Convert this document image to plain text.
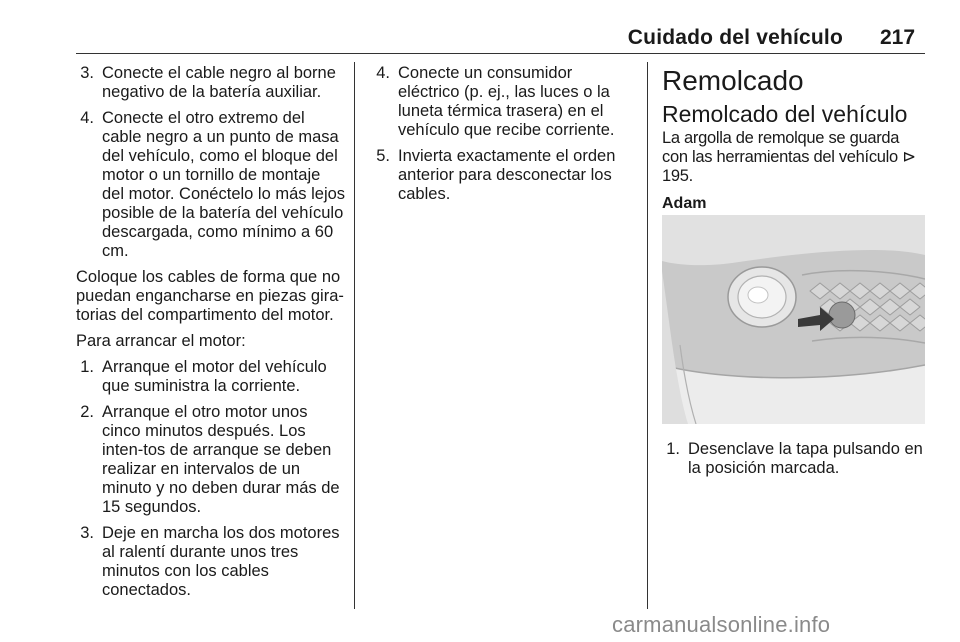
Cuidado del vehículo 217
3. Conecte el cable negro al borne negativo de la batería auxiliar.
4. Conecte el otro extremo del cable negro a un punto de masa del vehículo, como el bloque del motor o un tornillo de montaje del motor. Conéctelo lo más lejos posible de la batería del vehículo descargada, como mínimo a 60 cm.

Coloque los cables de forma que no puedan engancharse en piezas gira-torias del compartimento del motor.

Para arrancar el motor:

1. Arranque el motor del vehículo que suministra la corriente.
2. Arranque el otro motor unos cinco minutos después. Los inten-tos de arranque se deben realizar en intervalos de un minuto y no deben durar más de 15 segundos.
3. Deje en marcha los dos motores al ralentí durante unos tres minutos con los cables conectados.
4. Conecte un consumidor eléctrico (p. ej., las luces o la luneta térmica trasera) en el vehículo que recibe corriente.
5. Invierta exactamente el orden anterior para desconectar los cables.
Remolcado
Remolcado del vehículo

La argolla de remolque se guarda con las herramientas del vehículo ⊳ 195.

Adam
1. Desenclave la tapa pulsando en la posición marcada.
carmanualsonline.info
